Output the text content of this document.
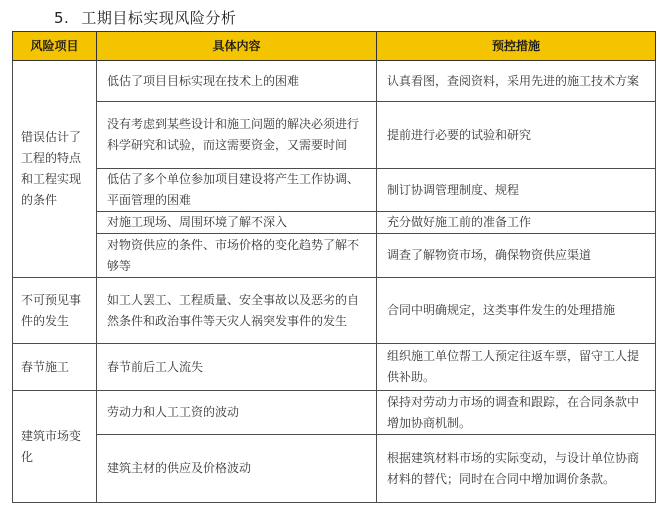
5. 工期目标实现风险分析
风险项目	具体内容	预控措施
错误估计了工程的特点和工程实现的条件	低估了项目目标实现在技术上的困难	认真看图，查阅资料，采用先进的施工技术方案
	没有考虑到某些设计和施工问题的解决必须进行科学研究和试验，而这需要资金，又需要时间	提前进行必要的试验和研究
	低估了多个单位参加项目建设将产生工作协调、平面管理的困难	制订协调管理制度、规程
	对施工现场、周围环境了解不深入	充分做好施工前的准备工作
	对物资供应的条件、市场价格的变化趋势了解不够等	调查了解物资市场，确保物资供应渠道
不可预见事件的发生	如工人罢工、工程质量、安全事故以及恶劣的自然条件和政治事件等天灾人祸突发事件的发生	合同中明确规定，这类事件发生的处理措施
春节施工	春节前后工人流失	组织施工单位帮工人预定往返车票，留守工人提供补助。
建筑市场变化	劳动力和人工工资的波动	保持对劳动力市场的调查和跟踪，在合同条款中增加协商机制。
	建筑主材的供应及价格波动	根据建筑材料市场的实际变动，与设计单位协商材料的替代；同时在合同中增加调价条款。
